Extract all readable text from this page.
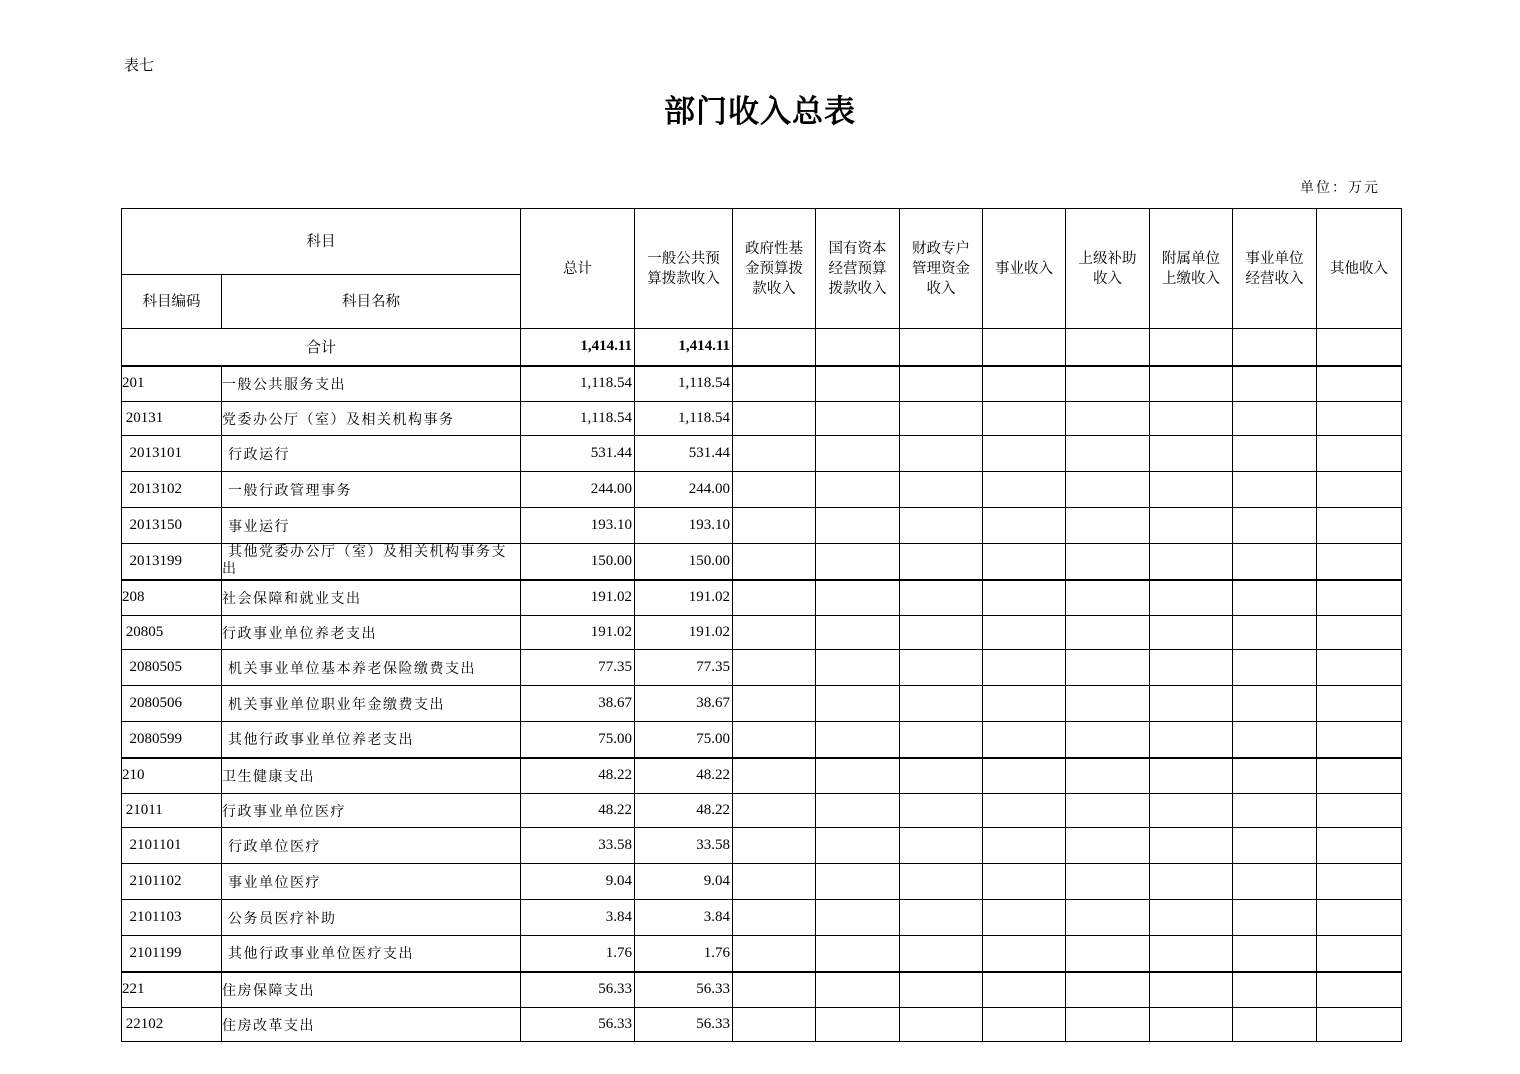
表七
部门收入总表
单位：万元
科目		总计	一般公共预算拨款收入	政府性基金预算拨款收入	国有资本经营预算拨款收入	财政专户管理资金收入	事业收入	上级补助收入	附属单位上缴收入	事业单位经营收入	其他收入
科目编码	科目名称										
合计		1,414.11	1,414.11								
201	一般公共服务支出	1,118.54	1,118.54								
20131	党委办公厅（室）及相关机构事务	1,118.54	1,118.54								
2013101	行政运行	531.44	531.44								
2013102	一般行政管理事务	244.00	244.00								
2013150	事业运行	193.10	193.10								
2013199	其他党委办公厅（室）及相关机构事务支出	150.00	150.00								
208	社会保障和就业支出	191.02	191.02								
20805	行政事业单位养老支出	191.02	191.02								
2080505	机关事业单位基本养老保险缴费支出	77.35	77.35								
2080506	机关事业单位职业年金缴费支出	38.67	38.67								
2080599	其他行政事业单位养老支出	75.00	75.00								
210	卫生健康支出	48.22	48.22								
21011	行政事业单位医疗	48.22	48.22								
2101101	行政单位医疗	33.58	33.58								
2101102	事业单位医疗	9.04	9.04								
2101103	公务员医疗补助	3.84	3.84								
2101199	其他行政事业单位医疗支出	1.76	1.76								
221	住房保障支出	56.33	56.33								
22102	住房改革支出	56.33	56.33								
